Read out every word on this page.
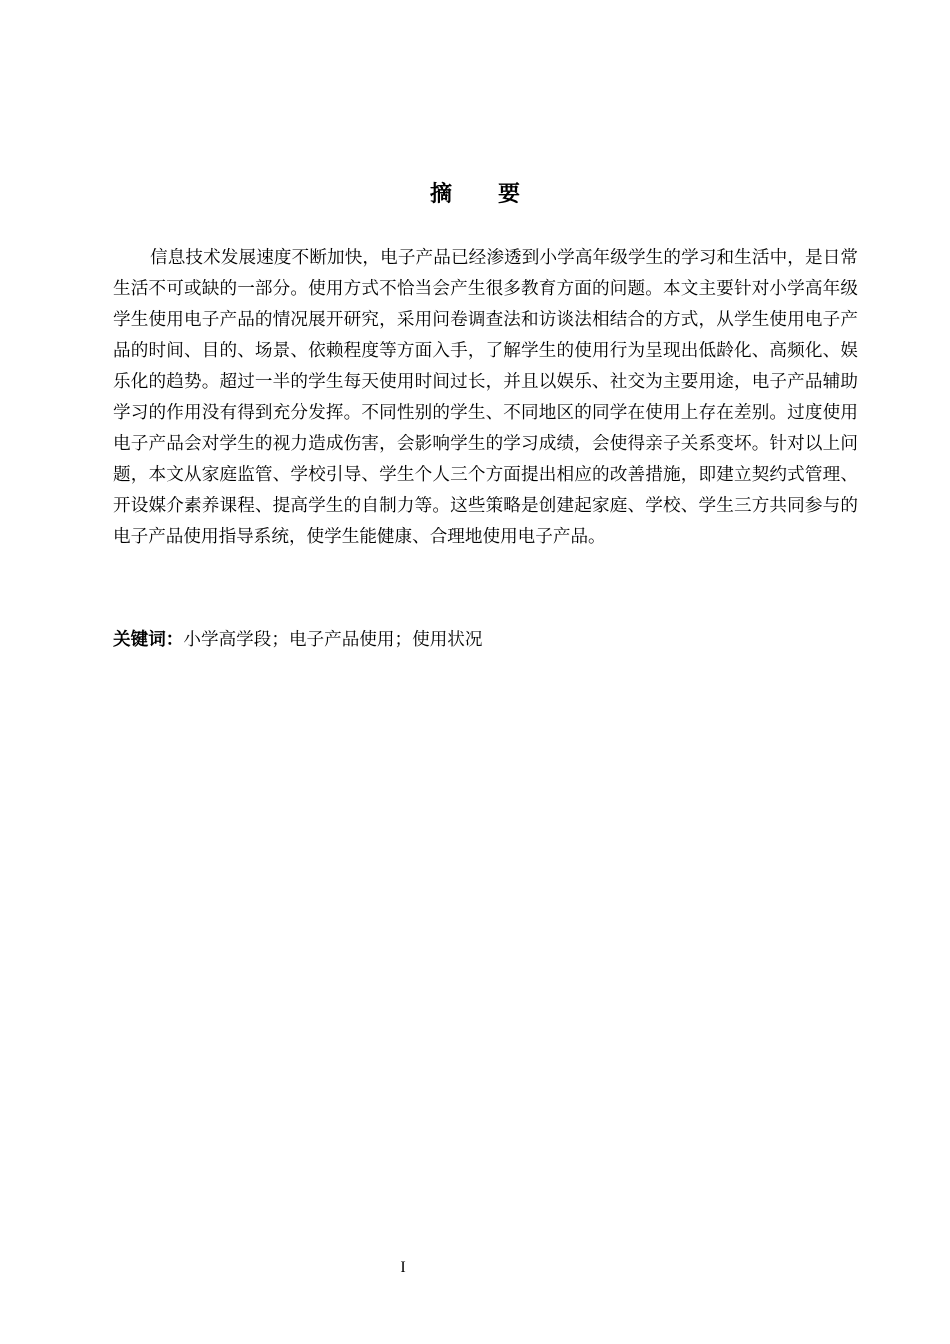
摘 要

信息技术发展速度不断加快，电子产品已经渗透到小学高年级学生的学习和生活中，是日常生活不可或缺的一部分。使用方式不恰当会产生很多教育方面的问题。本文主要针对小学高年级学生使用电子产品的情况展开研究，采用问卷调查法和访谈法相结合的方式，从学生使用电子产品的时间、目的、场景、依赖程度等方面入手，了解学生的使用行为呈现出低龄化、高频化、娱乐化的趋势。超过一半的学生每天使用时间过长，并且以娱乐、社交为主要用途，电子产品辅助学习的作用没有得到充分发挥。不同性别的学生、不同地区的同学在使用上存在差别。过度使用电子产品会对学生的视力造成伤害，会影响学生的学习成绩，会使得亲子关系变坏。针对以上问题，本文从家庭监管、学校引导、学生个人三个方面提出相应的改善措施，即建立契约式管理、开设媒介素养课程、提高学生的自制力等。这些策略是创建起家庭、学校、学生三方共同参与的电子产品使用指导系统，使学生能健康、合理地使用电子产品。

关键词：小学高学段；电子产品使用；使用状况

I
